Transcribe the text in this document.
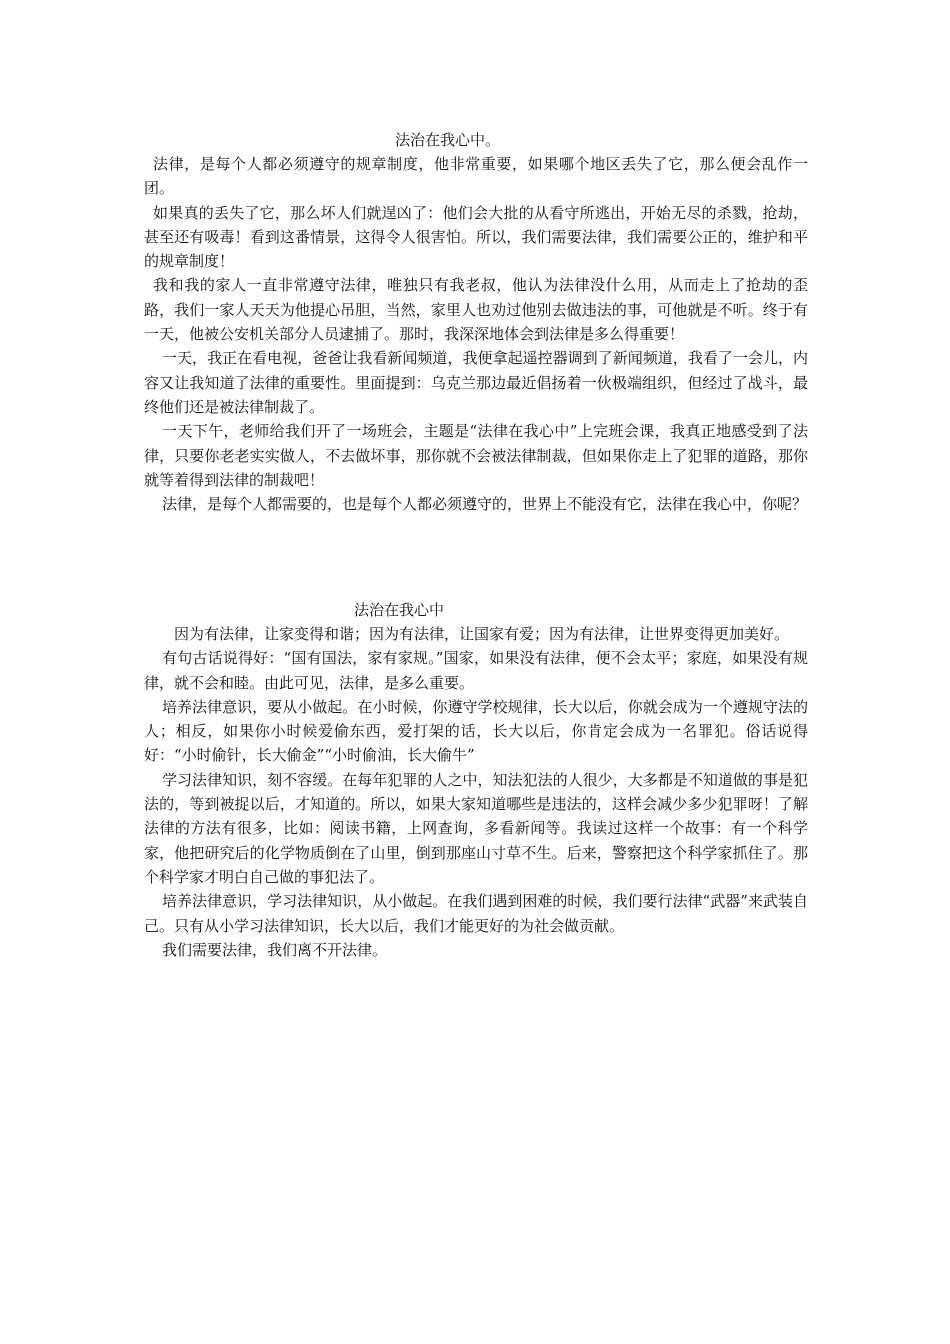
法治在我心中。

法律，是每个人都必须遵守的规章制度，他非常重要，如果哪个地区丢失了它，那么便会乱作一团。

如果真的丢失了它，那么坏人们就逞凶了：他们会大批的从看守所逃出，开始无尽的杀戮，抢劫，甚至还有吸毒！看到这番情景，这得令人很害怕。所以，我们需要法律，我们需要公正的，维护和平的规章制度！

我和我的家人一直非常遵守法律，唯独只有我老叔，他认为法律没什么用，从而走上了抢劫的歪路，我们一家人天天为他提心吊胆，当然，家里人也劝过他别去做违法的事，可他就是不听。终于有一天，他被公安机关部分人员逮捕了。那时，我深深地体会到法律是多么得重要！

一天，我正在看电视，爸爸让我看新闻频道，我便拿起遥控器调到了新闻频道，我看了一会儿，内容又让我知道了法律的重要性。里面提到：乌克兰那边最近倡扬着一伙极端组织，但经过了战斗，最终他们还是被法律制裁了。

一天下午，老师给我们开了一场班会，主题是“法律在我心中”上完班会课，我真正地感受到了法律，只要你老老实实做人，不去做坏事，那你就不会被法律制裁，但如果你走上了犯罪的道路，那你就等着得到法律的制裁吧！

法律，是每个人都需要的，也是每个人都必须遵守的，世界上不能没有它，法律在我心中，你呢？

法治在我心中

因为有法律，让家变得和谐；因为有法律，让国家有爱；因为有法律，让世界变得更加美好。

有句古话说得好：“国有国法，家有家规。”国家，如果没有法律，便不会太平；家庭，如果没有规律，就不会和睦。由此可见，法律，是多么重要。

培养法律意识，要从小做起。在小时候，你遵守学校规律，长大以后，你就会成为一个遵规守法的人；相反，如果你小时候爱偷东西，爱打架的话，长大以后，你肯定会成为一名罪犯。俗话说得好：“小时偷针，长大偷金”“小时偷油，长大偷牛”

学习法律知识，刻不容缓。在每年犯罪的人之中，知法犯法的人很少，大多都是不知道做的事是犯法的，等到被捉以后，才知道的。所以，如果大家知道哪些是违法的，这样会减少多少犯罪呀！了解法律的方法有很多，比如：阅读书籍，上网查询，多看新闻等。我读过这样一个故事：有一个科学家，他把研究后的化学物质倒在了山里，倒到那座山寸草不生。后来，警察把这个科学家抓住了。那个科学家才明白自己做的事犯法了。

培养法律意识，学习法律知识，从小做起。在我们遇到困难的时候，我们要行法律“武器”来武装自己。只有从小学习法律知识，长大以后，我们才能更好的为社会做贡献。

我们需要法律，我们离不开法律。
